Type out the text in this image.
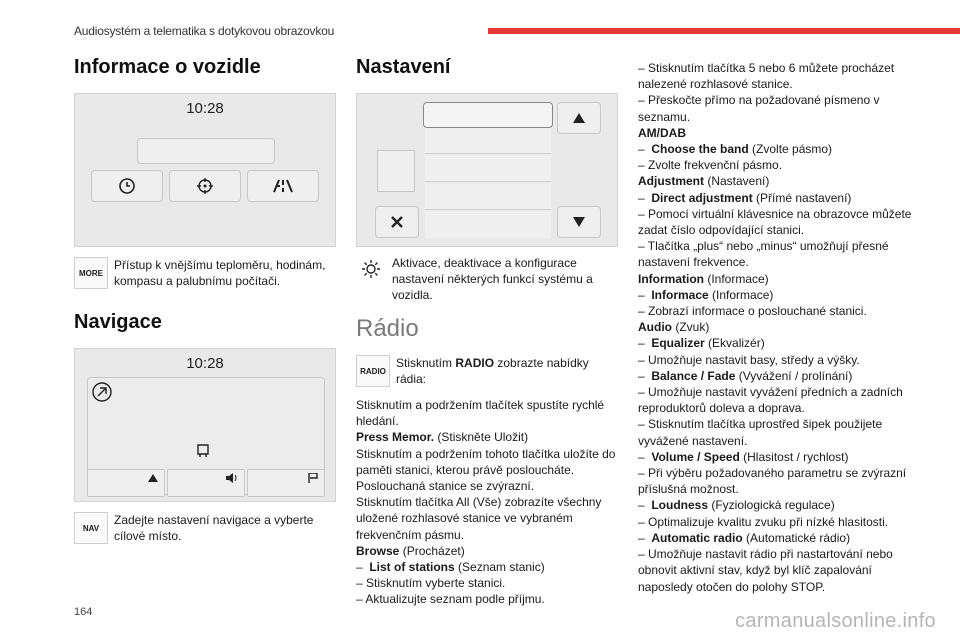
Audiosystém a telematika s dotykovou obrazovkou
Informace o vozidle
10:28
MORE
Přístup k vnějšímu teploměru, hodinám, kompasu a palubnímu počítači.
Navigace
10:28
NAV
Zadejte nastavení navigace a vyberte cílové místo.
Nastavení
Aktivace, deaktivace a konfigurace nastavení některých funkcí systému a vozidla.
Rádio
RADIO
Stisknutím RADIO zobrazte nabídky rádia:
Stisknutím a podržením tlačítek spustíte rychlé hledání.
Press Memor. (Stiskněte Uložit)
Stisknutím a podržením tohoto tlačítka uložíte do paměti stanici, kterou právě posloucháte. Poslouchaná stanice se zvýrazní.
Stisknutím tlačítka All (Vše) zobrazíte všechny uložené rozhlasové stanice ve vybraném frekvenčním pásmu.
Browse (Procházet)
–  List of stations (Seznam stanic)
– Stisknutím vyberte stanici.
– Aktualizujte seznam podle příjmu.
– Stisknutím tlačítka 5 nebo 6 můžete procházet nalezené rozhlasové stanice.
– Přeskočte přímo na požadované písmeno v seznamu.
AM/DAB
–  Choose the band (Zvolte pásmo)
– Zvolte frekvenční pásmo.
Adjustment (Nastavení)
–  Direct adjustment (Přímé nastavení)
– Pomocí virtuální klávesnice na obrazovce můžete zadat číslo odpovídající stanici.
– Tlačítka „plus“ nebo „minus“ umožňují přesné nastavení frekvence.
Information (Informace)
–  Informace (Informace)
– Zobrazí informace o poslouchané stanici.
Audio (Zvuk)
–  Equalizer (Ekvalizér)
– Umožňuje nastavit basy, středy a výšky.
–  Balance / Fade (Vyvážení / prolínání)
– Umožňuje nastavit vyvážení předních a zadních reproduktorů doleva a doprava.
– Stisknutím tlačítka uprostřed šipek použijete vyvážené nastavení.
–  Volume / Speed (Hlasitost / rychlost)
– Při výběru požadovaného parametru se zvýrazní příslušná možnost.
–  Loudness (Fyziologická regulace)
– Optimalizuje kvalitu zvuku při nízké hlasitosti.
–  Automatic radio (Automatické rádio)
– Umožňuje nastavit rádio při nastartování nebo obnovit aktivní stav, když byl klíč zapalování naposledy otočen do polohy STOP.
164	carmanualsonline.info
